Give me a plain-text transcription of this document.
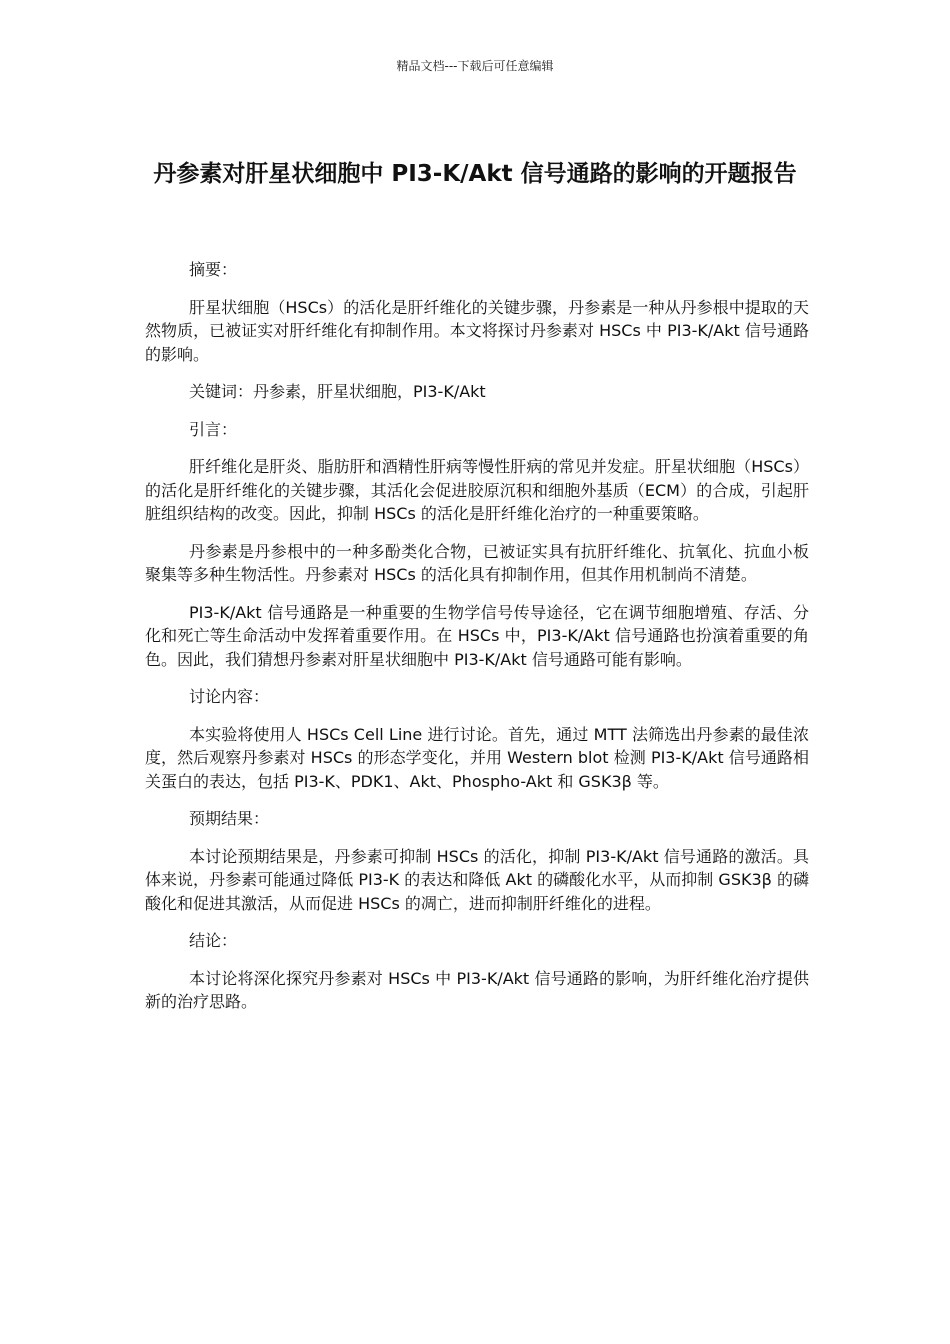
精品文档---下载后可任意编辑
丹参素对肝星状细胞中 PI3-K/Akt 信号通路的影响的开题报告

摘要：

肝星状细胞（HSCs）的活化是肝纤维化的关键步骤，丹参素是一种从丹参根中提取的天然物质，已被证实对肝纤维化有抑制作用。本文将探讨丹参素对 HSCs 中 PI3-K/Akt 信号通路的影响。

关键词：丹参素，肝星状细胞，PI3-K/Akt

引言：

肝纤维化是肝炎、脂肪肝和酒精性肝病等慢性肝病的常见并发症。肝星状细胞（HSCs）的活化是肝纤维化的关键步骤，其活化会促进胶原沉积和细胞外基质（ECM）的合成，引起肝脏组织结构的改变。因此，抑制 HSCs 的活化是肝纤维化治疗的一种重要策略。

丹参素是丹参根中的一种多酚类化合物，已被证实具有抗肝纤维化、抗氧化、抗血小板聚集等多种生物活性。丹参素对 HSCs 的活化具有抑制作用，但其作用机制尚不清楚。

PI3-K/Akt 信号通路是一种重要的生物学信号传导途径，它在调节细胞增殖、存活、分化和死亡等生命活动中发挥着重要作用。在 HSCs 中，PI3-K/Akt 信号通路也扮演着重要的角色。因此，我们猜想丹参素对肝星状细胞中 PI3-K/Akt 信号通路可能有影响。

讨论内容：

本实验将使用人 HSCs Cell Line 进行讨论。首先，通过 MTT 法筛选出丹参素的最佳浓度，然后观察丹参素对 HSCs 的形态学变化，并用 Western blot 检测 PI3-K/Akt 信号通路相关蛋白的表达，包括 PI3-K、PDK1、Akt、Phospho-Akt 和 GSK3β 等。

预期结果：

本讨论预期结果是，丹参素可抑制 HSCs 的活化，抑制 PI3-K/Akt 信号通路的激活。具体来说，丹参素可能通过降低 PI3-K 的表达和降低 Akt 的磷酸化水平，从而抑制 GSK3β 的磷酸化和促进其激活，从而促进 HSCs 的凋亡，进而抑制肝纤维化的进程。

结论：

本讨论将深化探究丹参素对 HSCs 中 PI3-K/Akt 信号通路的影响，为肝纤维化治疗提供新的治疗思路。
